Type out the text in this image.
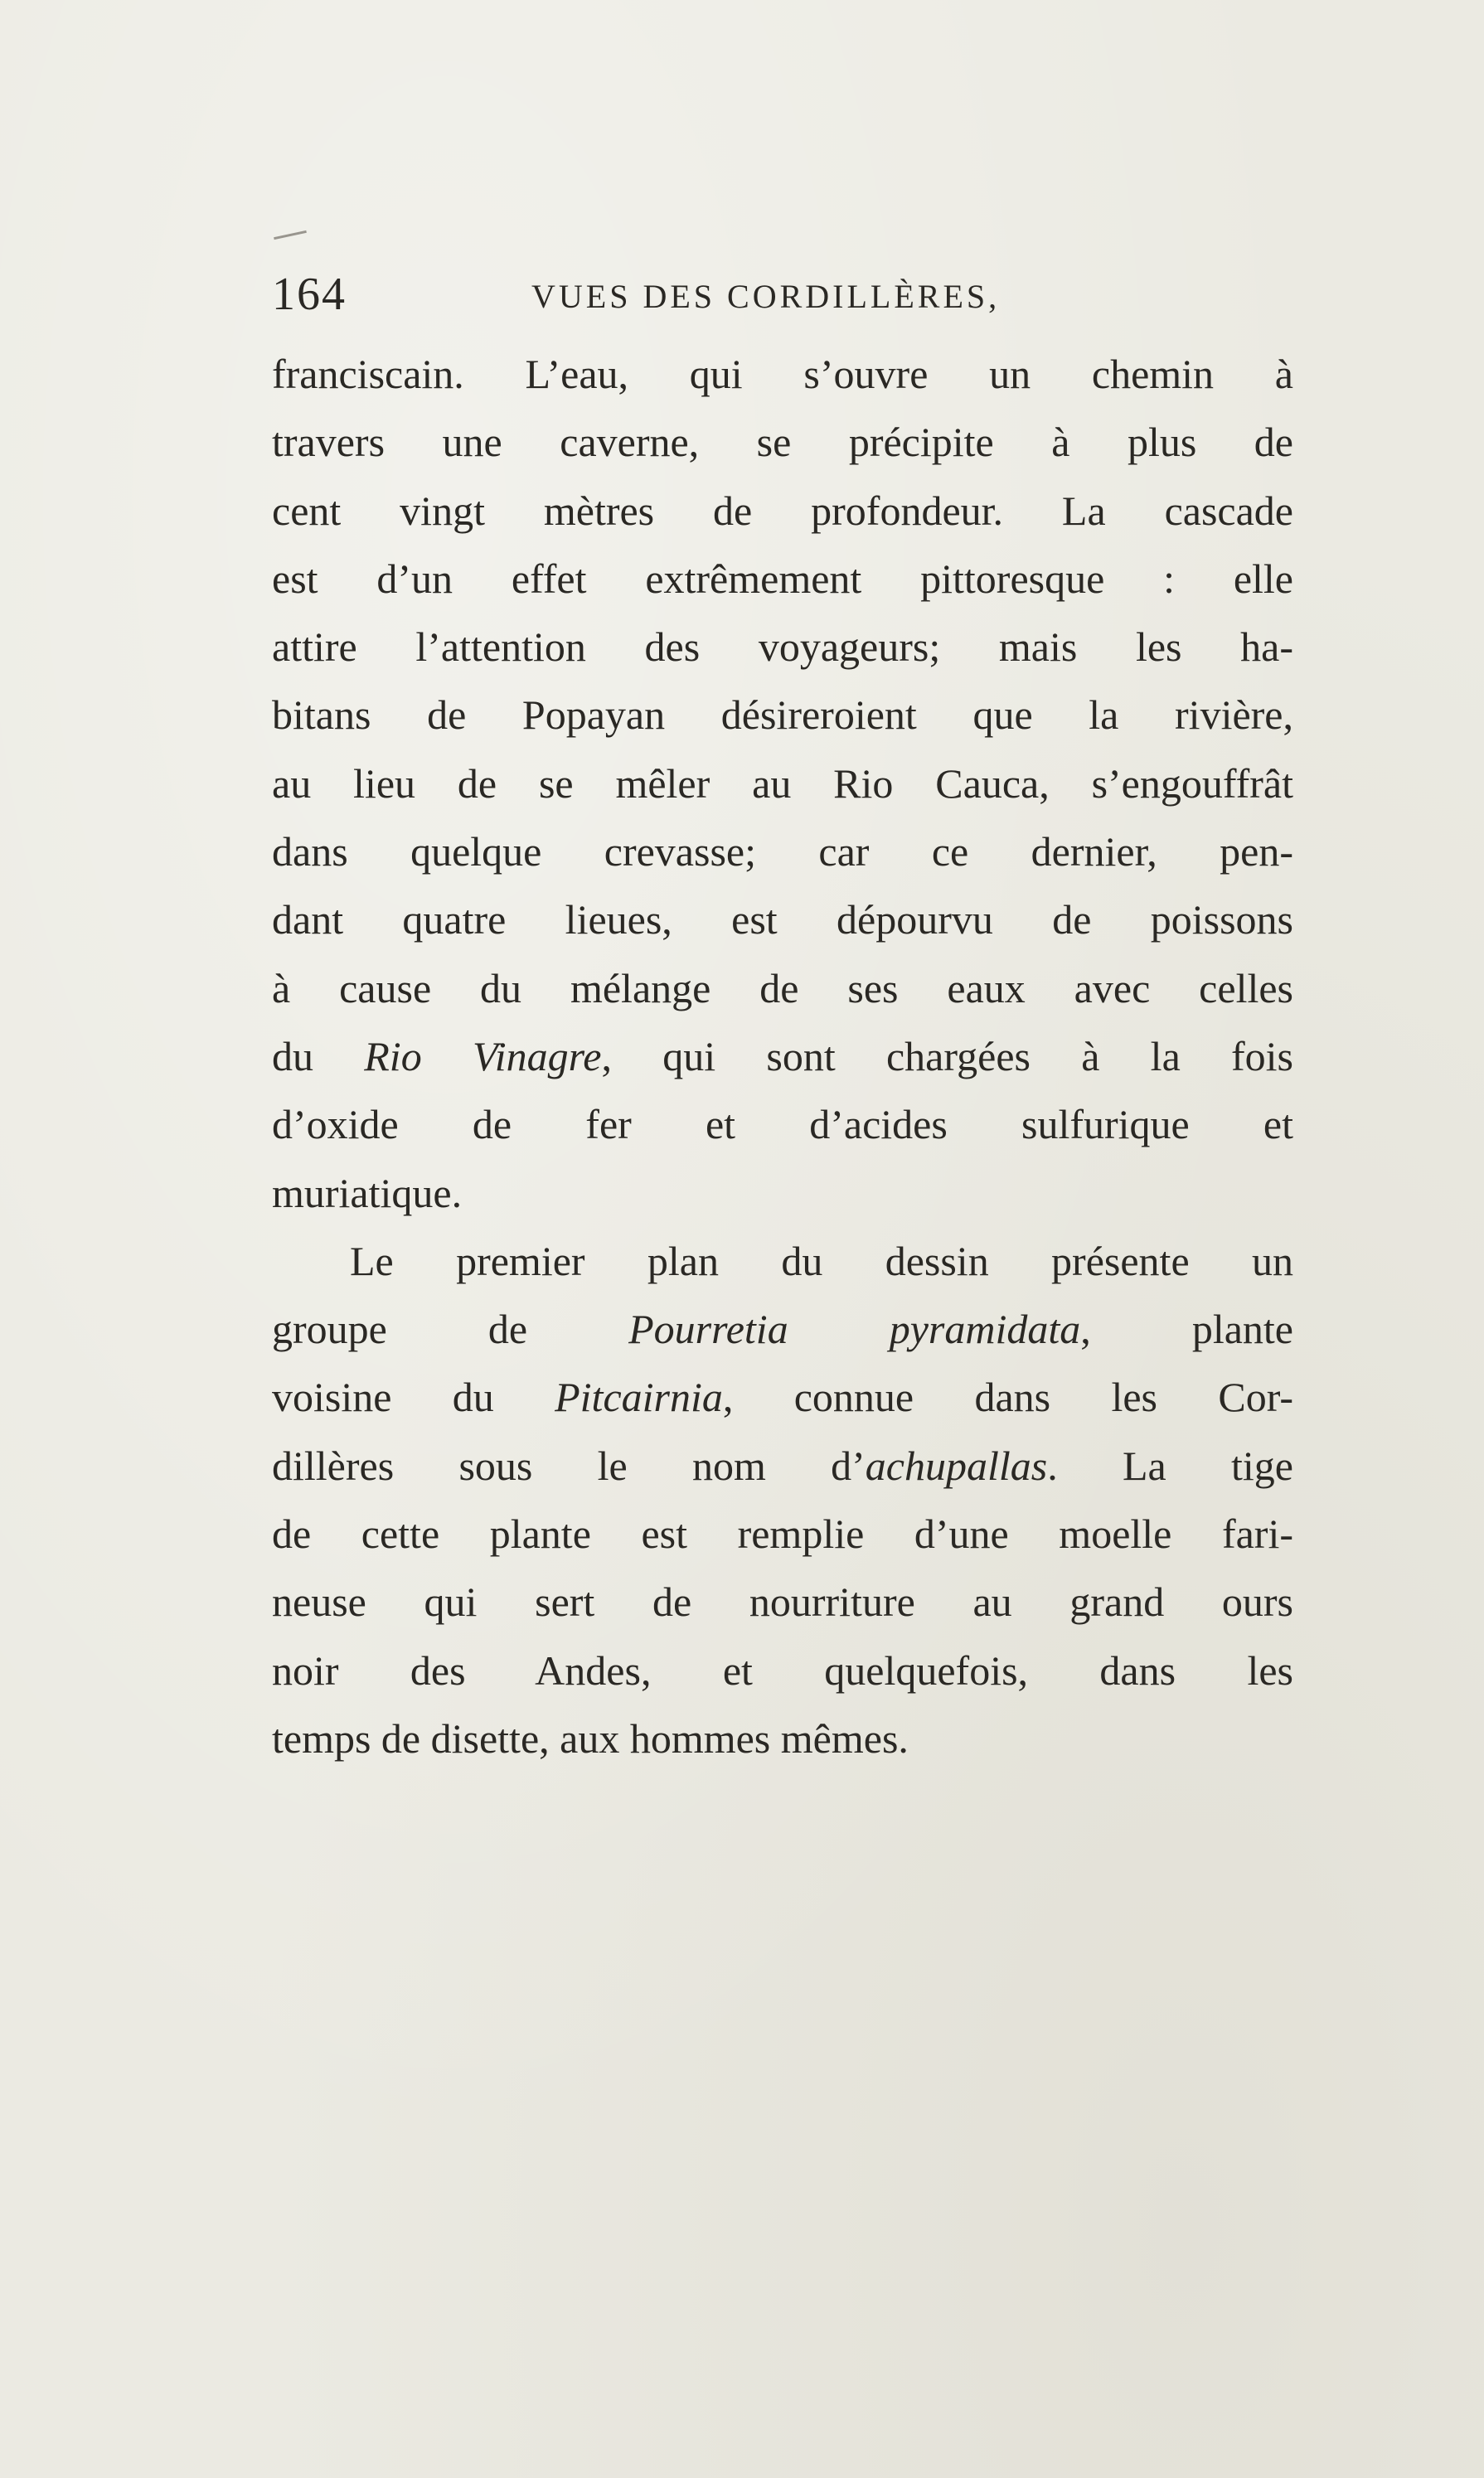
164	VUES DES CORDILLÈRES,
franciscain. L’eau, qui s’ouvre un chemin à
travers une caverne, se précipite à plus de
cent vingt mètres de profondeur. La cascade
est d’un effet extrêmement pittoresque : elle
attire l’attention des voyageurs; mais les ha-
bitans de Popayan désireroient que la rivière,
au lieu de se mêler au Rio Cauca, s’engouffrât
dans quelque crevasse; car ce dernier, pen-
dant quatre lieues, est dépourvu de poissons
à cause du mélange de ses eaux avec celles
du Rio Vinagre, qui sont chargées à la fois
d’oxide de fer et d’acides sulfurique et
muriatique.
Le premier plan du dessin présente un
groupe de Pourretia pyramidata, plante
voisine du Pitcairnia, connue dans les Cor-
dillères sous le nom d’achupallas. La tige
de cette plante est remplie d’une moelle fari-
neuse qui sert de nourriture au grand ours
noir des Andes, et quelquefois, dans les
temps de disette, aux hommes mêmes.
